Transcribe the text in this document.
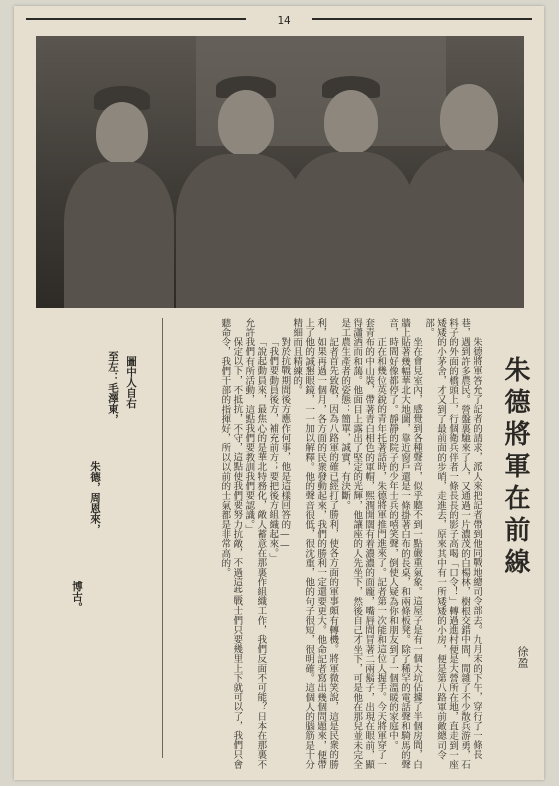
14
朱德將軍在前線
徐盈

朱德將軍答允了記者的請求，派人來把記者帶到他同戰地總司令部去。九月末的下午，穿行了一條長巷，遇到許多農民。營盤裏馳來了人，又通過一片濃茂的白楊林，樹根交錯中間，閒雜了不少散兵游勇，石料子的外面的橋頭上，行個衛兵伴者一條長長的影子高喝「口令！」轉過進村便是大營所在地，直走到一座矮矮的小茅舍，才又到了最前面的步哨，走進去，原來其中有一所矮矮的小房，便是第八路軍前敵總司令部。

坐在會見室內，感覺到各種聲音，似乎聽不到一點嚴重氣象。這屋子是有一個大坑佔據了半個房間，白牆上貼著幾幅華北大地圖，靠近窗戶還是一條掛著白布的長桌，和兩條板凳。除了稀罕的電話聲和騎馬的聲音，時間好像都停了。靜靜的院子的少年士兵的嘻笑聲，倒使人疑為你和朋友到了一個溫暖的家庭中。

正在和幾位英銳的青年托著話時，朱德將軍推門進來了。記者第一次能和這位人握手。今天將軍穿了一套青布的中山裝，帶著青白相色的軍帽，煕潤開闊有着濃濃的面龐，嘴唇間冒著二兩鬍子，出現在眼前，顯得瀟洒而和藹。他面目上露出了堅定的光輝，他讓座的人先坐下，然後自己才坐下，可是他在那兒並未完全是工農生產者的姿態：簡單，誠實，有決斷。

記者首先致敬，因為八路軍的確已經打了勝利，使各方面的軍事頗有轉機。將軍微笑說，這是民衆的勝利，如果再過一個月，各方面的民衆發動起來，我們的勝利一定還要更大。他命記者寫出幾個問題來，便帶上了他的誠懇眼鏡，一一加以解釋。他的聲音很低，很沈重，他的句子很短，很明確。這個人的腦筋是十分精細而且精練的。

對於抗戰期間後方應作何事，他是這樣回答的——

「我們要動員後方，補充前方；要把後方組織起來。」

「說起動員來，最焦心的是華北特務化，敵人蓄意在那裏作組織工作，我們反面不可能？日本在那裏不允許我們有所活動，這點我們要教訓我們要認識。」

保定以下，不抵抗，不守，這點使我們要努力抗敵，不過這些戰士們只要幾里上下就可以了，我們只會聽命令，我們干部的指揮好，所以以前的士氣都是非常高的。

圖中人自右
至左：毛澤東，
朱德，周恩來，
博古。
